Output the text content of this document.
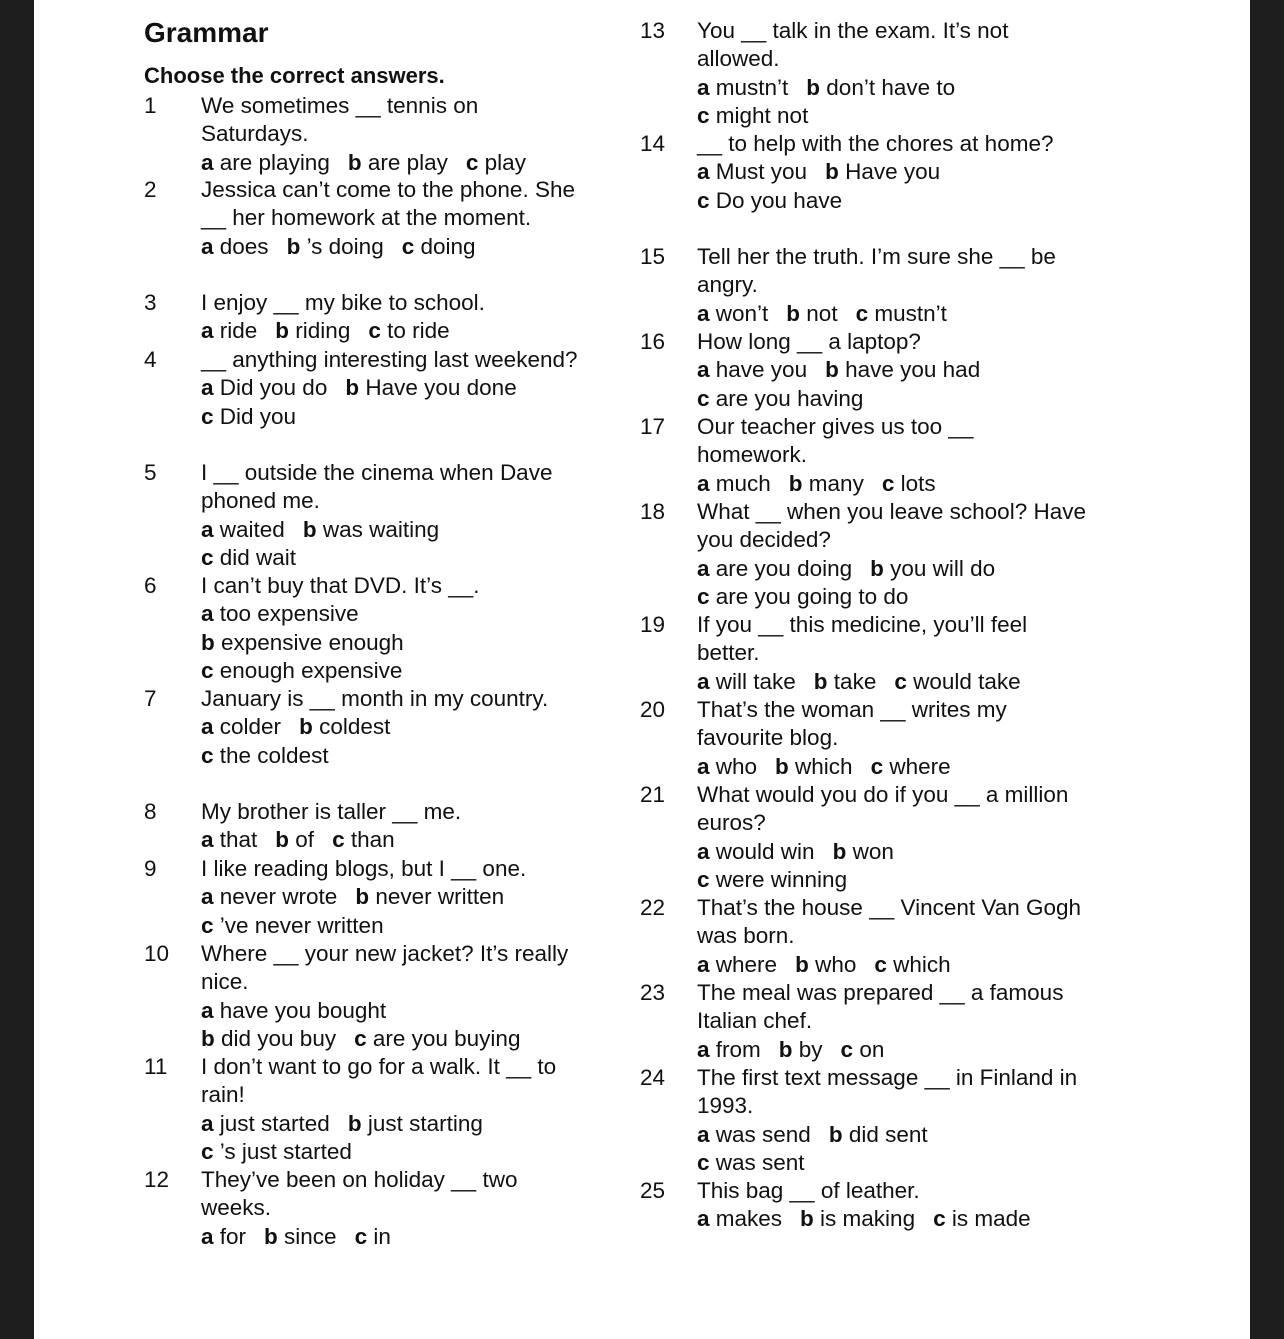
Grammar
Choose the correct answers.
1	We sometimes __ tennis on Saturdays.
a are playing b are play c play
2	Jessica can’t come to the phone. She __ her homework at the moment.
a does b ’s doing c doing
3	I enjoy __ my bike to school.
a ride b riding c to ride
4	__ anything interesting last weekend?
a Did you do b Have you done
c Did you
5	I __ outside the cinema when Dave phoned me.
a waited b was waiting
c did wait
6	I can’t buy that DVD. It’s __.
a too expensive
b expensive enough
c enough expensive
7	January is __ month in my country.
a colder b coldest
c the coldest
8	My brother is taller __ me.
a that b of c than
9	I like reading blogs, but I __ one.
a never wrote b never written
c ’ve never written
10	Where __ your new jacket? It’s really nice.
a have you bought
b did you buy c are you buying
11	I don’t want to go for a walk. It __ to rain!
a just started b just starting
c ’s just started
12	They’ve been on holiday __ two weeks.
a for b since c in
13	You __ talk in the exam. It’s not allowed.
a mustn’t b don’t have to
c might not
14	__ to help with the chores at home?
a Must you b Have you
c Do you have
15	Tell her the truth. I’m sure she __ be angry.
a won’t b not c mustn’t
16	How long __ a laptop?
a have you b have you had
c are you having
17	Our teacher gives us too __ homework.
a much b many c lots
18	What __ when you leave school? Have you decided?
a are you doing b you will do
c are you going to do
19	If you __ this medicine, you’ll feel better.
a will take b take c would take
20	That’s the woman __ writes my favourite blog.
a who b which c where
21	What would you do if you __ a million euros?
a would win b won
c were winning
22	That’s the house __ Vincent Van Gogh was born.
a where b who c which
23	The meal was prepared __ a famous Italian chef.
a from b by c on
24	The first text message __ in Finland in 1993.
a was send b did sent
c was sent
25	This bag __ of leather.
a makes b is making c is made
